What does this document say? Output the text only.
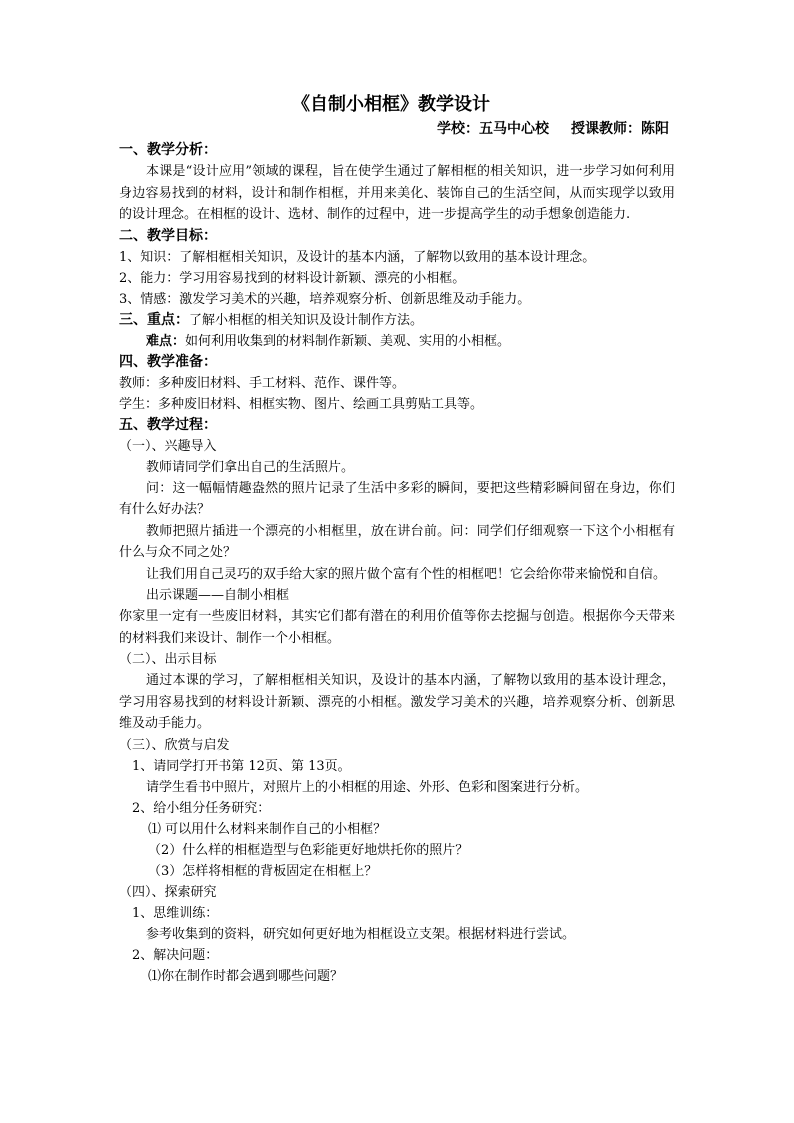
《自制小相框》教学设计
学校：五马中心校 授课教师：陈阳
一、教学分析：
本课是“设计应用”领域的课程，旨在使学生通过了解相框的相关知识，进一步学习如何利用身边容易找到的材料，设计和制作相框，并用来美化、装饰自己的生活空间，从而实现学以致用的设计理念。在相框的设计、选材、制作的过程中，进一步提高学生的动手想象创造能力.
二、教学目标：
1、知识：了解相框相关知识，及设计的基本内涵，了解物以致用的基本设计理念。
2、能力：学习用容易找到的材料设计新颖、漂亮的小相框。
3、情感：激发学习美术的兴趣，培养观察分析、创新思维及动手能力。
三、重点：了解小相框的相关知识及设计制作方法。
难点：如何利用收集到的材料制作新颖、美观、实用的小相框。
四、教学准备：
教师：多种废旧材料、手工材料、范作、课件等。
学生：多种废旧材料、相框实物、图片、绘画工具剪贴工具等。
五、教学过程：
（一）、兴趣导入
教师请同学们拿出自己的生活照片。
问：这一幅幅情趣盎然的照片记录了生活中多彩的瞬间，要把这些精彩瞬间留在身边，你们有什么好办法？
教师把照片插进一个漂亮的小相框里，放在讲台前。问：同学们仔细观察一下这个小相框有什么与众不同之处？
让我们用自己灵巧的双手给大家的照片做个富有个性的相框吧！它会给你带来愉悦和自信。
出示课题——自制小相框
你家里一定有一些废旧材料，其实它们都有潜在的利用价值等你去挖掘与创造。根据你今天带来的材料我们来设计、制作一个小相框。
（二）、出示目标
通过本课的学习，了解相框相关知识，及设计的基本内涵，了解物以致用的基本设计理念，学习用容易找到的材料设计新颖、漂亮的小相框。激发学习美术的兴趣，培养观察分析、创新思维及动手能力。
（三）、欣赏与启发
1、请同学打开书第 12页、第 13页。
请学生看书中照片，对照片上的小相框的用途、外形、色彩和图案进行分析。
2、给小组分任务研究：
⑴ 可以用什么材料来制作自己的小相框？
（2）什么样的相框造型与色彩能更好地烘托你的照片？
（3）怎样将相框的背板固定在相框上？
（四）、探索研究
1、思维训练：
参考收集到的资料，研究如何更好地为相框设立支架。根据材料进行尝试。
2、解决问题：
⑴你在制作时都会遇到哪些问题？
